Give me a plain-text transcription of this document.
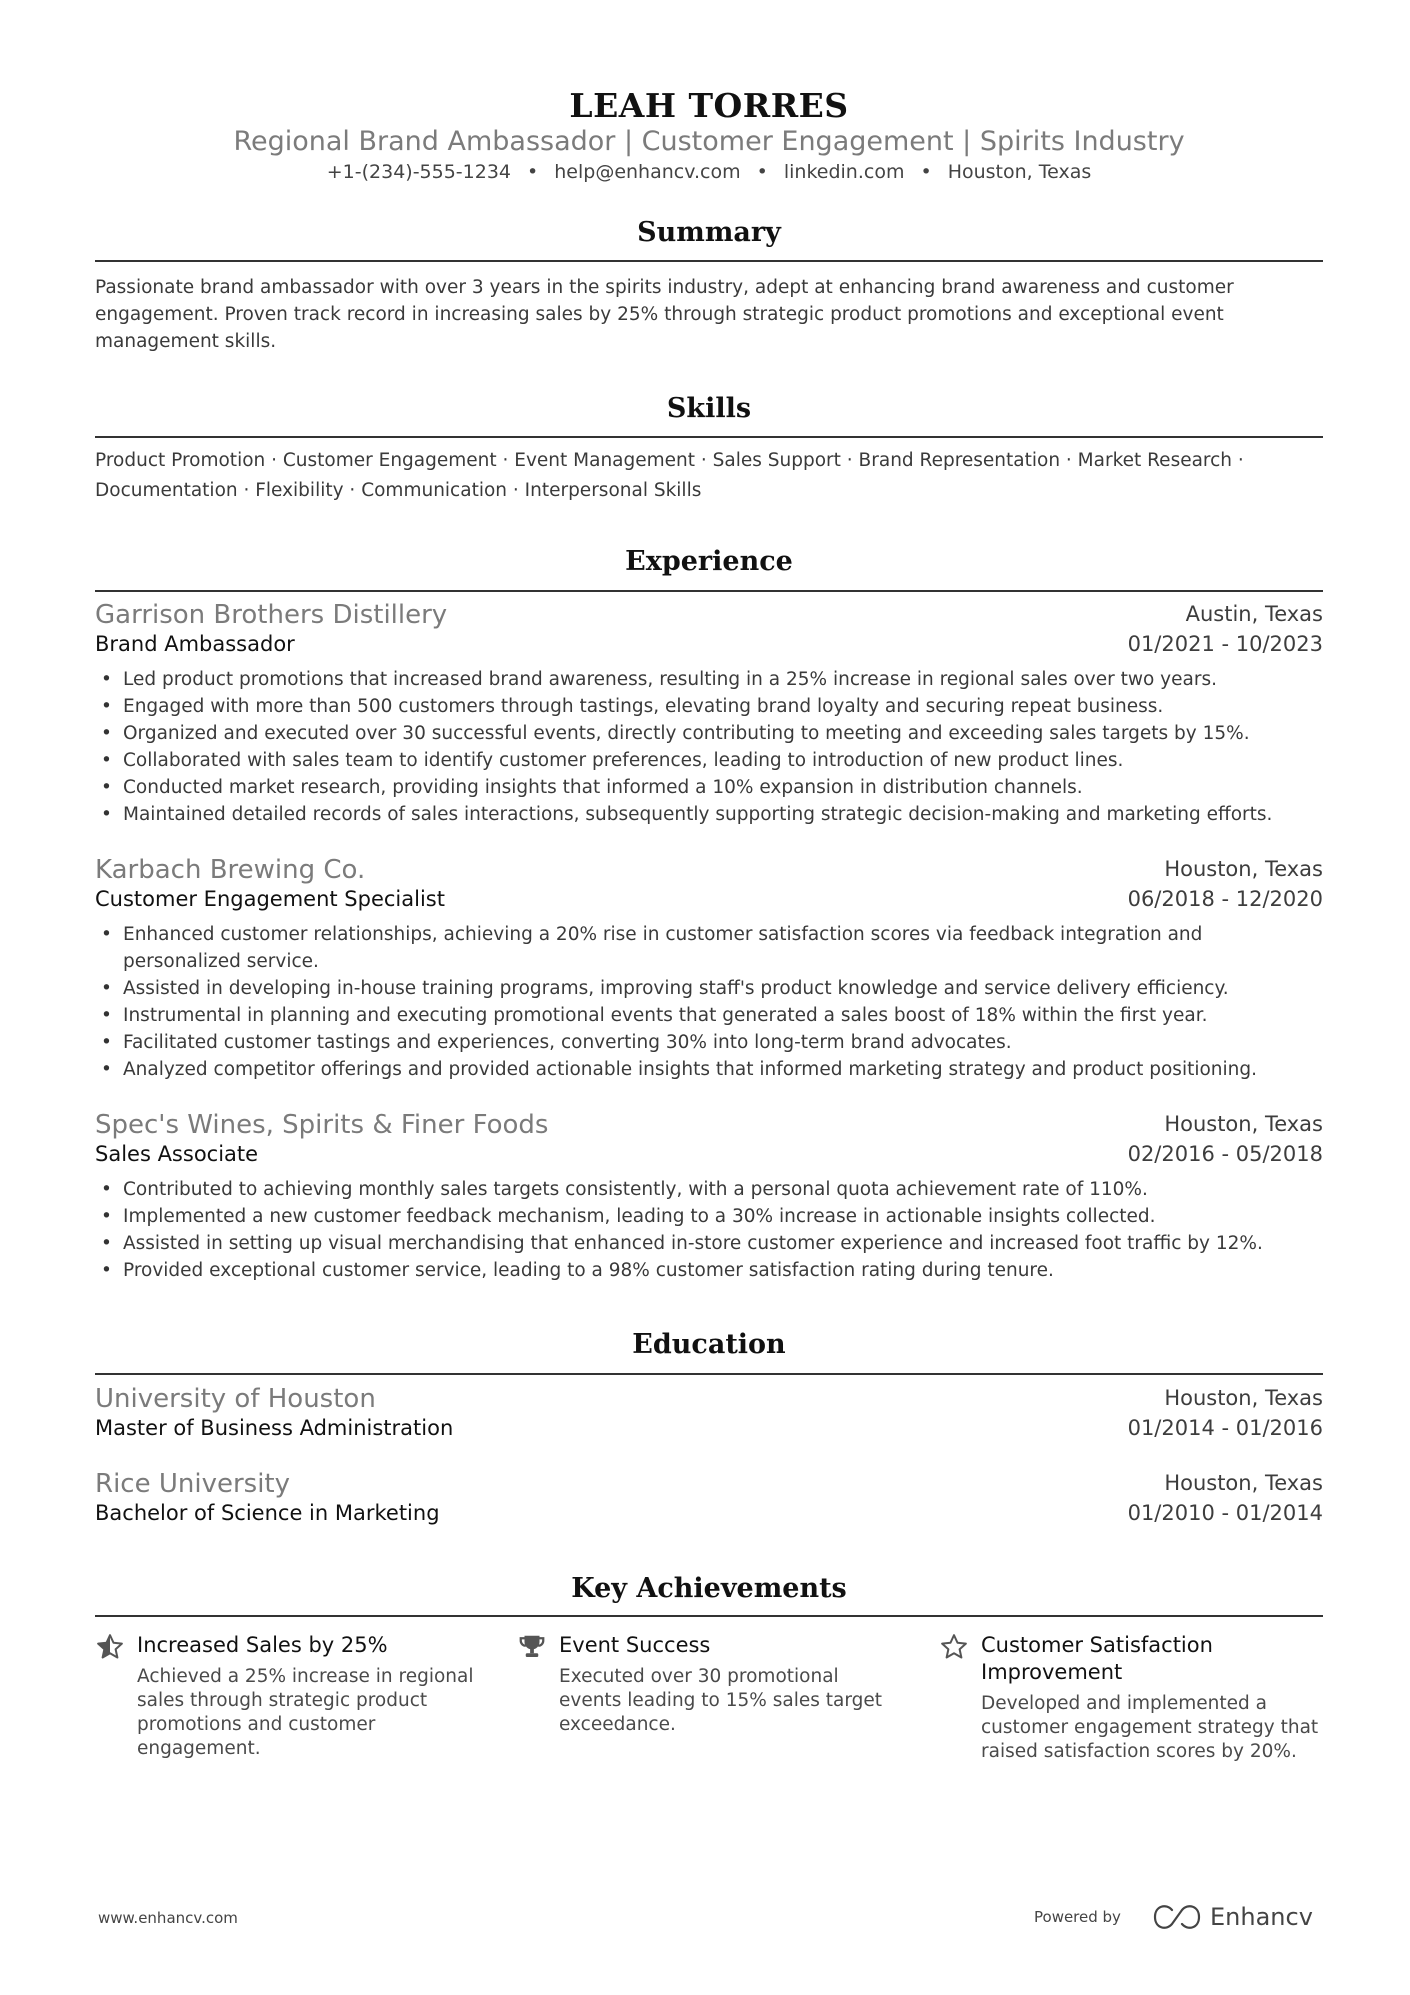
LEAH TORRES
Regional Brand Ambassador | Customer Engagement | Spirits Industry
+1-(234)-555-1234 • help@enhancv.com • linkedin.com • Houston, Texas
Summary
Passionate brand ambassador with over 3 years in the spirits industry, adept at enhancing brand awareness and customer engagement. Proven track record in increasing sales by 25% through strategic product promotions and exceptional event management skills.
Skills
Product Promotion · Customer Engagement · Event Management · Sales Support · Brand Representation · Market Research ·
Documentation · Flexibility · Communication · Interpersonal Skills
Experience
Garrison Brothers Distillery	Austin, Texas
Brand Ambassador	01/2021 - 10/2023
• Led product promotions that increased brand awareness, resulting in a 25% increase in regional sales over two years.
• Engaged with more than 500 customers through tastings, elevating brand loyalty and securing repeat business.
• Organized and executed over 30 successful events, directly contributing to meeting and exceeding sales targets by 15%.
• Collaborated with sales team to identify customer preferences, leading to introduction of new product lines.
• Conducted market research, providing insights that informed a 10% expansion in distribution channels.
• Maintained detailed records of sales interactions, subsequently supporting strategic decision-making and marketing efforts.
Karbach Brewing Co.	Houston, Texas
Customer Engagement Specialist	06/2018 - 12/2020
• Enhanced customer relationships, achieving a 20% rise in customer satisfaction scores via feedback integration and personalized service.
• Assisted in developing in-house training programs, improving staff's product knowledge and service delivery efficiency.
• Instrumental in planning and executing promotional events that generated a sales boost of 18% within the first year.
• Facilitated customer tastings and experiences, converting 30% into long-term brand advocates.
• Analyzed competitor offerings and provided actionable insights that informed marketing strategy and product positioning.
Spec's Wines, Spirits & Finer Foods	Houston, Texas
Sales Associate	02/2016 - 05/2018
• Contributed to achieving monthly sales targets consistently, with a personal quota achievement rate of 110%.
• Implemented a new customer feedback mechanism, leading to a 30% increase in actionable insights collected.
• Assisted in setting up visual merchandising that enhanced in-store customer experience and increased foot traffic by 12%.
• Provided exceptional customer service, leading to a 98% customer satisfaction rating during tenure.
Education
University of Houston	Houston, Texas
Master of Business Administration	01/2014 - 01/2016
Rice University	Houston, Texas
Bachelor of Science in Marketing	01/2010 - 01/2014
Key Achievements
Increased Sales by 25%
Achieved a 25% increase in regional sales through strategic product promotions and customer engagement.
Event Success
Executed over 30 promotional events leading to 15% sales target exceedance.
Customer Satisfaction Improvement
Developed and implemented a customer engagement strategy that raised satisfaction scores by 20%.
www.enhancv.com	Powered by	Enhancv
